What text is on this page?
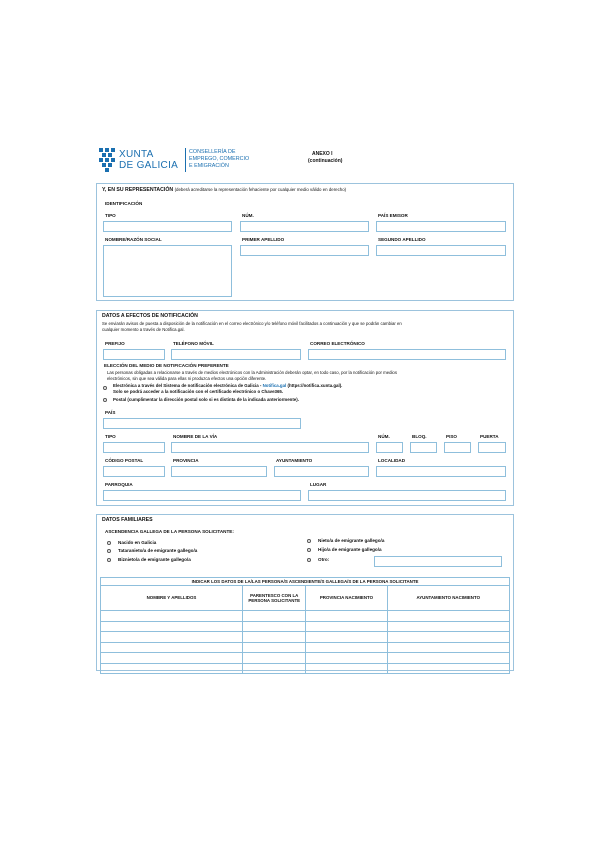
XUNTA
DE GALICIA
CONSELLERÍA DE
EMPREGO, COMERCIO
E EMIGRACIÓN
ANEXO I
(continuación)
Y, EN SU REPRESENTACIÓN (deberá acreditarse la representación fehaciente por cualquier medio válido en derecho)
IDENTIFICACIÓN
TIPO	NÚM.	PAÍS EMISOR
NOMBRE/RAZÓN SOCIAL	PRIMER APELLIDO	SEGUNDO APELLIDO
DATOS A EFECTOS DE NOTIFICACIÓN
Se enviarán avisos de puesta a disposición de la notificación en el correo electrónico y/o teléfono móvil facilitados a continuación y que se podrán cambiar en
cualquier momento a través de Notifica.gal.
PREFIJO	TELÉFONO MÓVIL	CORREO ELECTRÓNICO
ELECCIÓN DEL MEDIO DE NOTIFICACIÓN PREFERENTE
Las personas obligadas a relacionarse a través de medios electrónicos con la Administración deberán optar, en todo caso, por la notificación por medios
electrónicos, sin que sea válida para ellas ni produzca efectos una opción diferente.
Electrónica a través del Sistema de notificación electrónica de Galicia - Notifica.gal (https://notifica.xunta.gal).
Solo se podrá acceder a la notificación con el certificado electrónico o Chave365.
Postal (cumplimentar la dirección postal solo si es distinta de la indicada anteriormente).
PAÍS
TIPO	NOMBRE DE LA VÍA	NÚM.	BLOQ.	PISO	PUERTA
CÓDIGO POSTAL	PROVINCIA	AYUNTAMIENTO	LOCALIDAD
PARROQUIA	LUGAR
DATOS FAMILIARES
ASCENDENCIA GALLEGA DE LA PERSONA SOLICITANTE:
Nacido en Galicia
Tataranieto/a de emigrante gallego/a
Biznieto/a de emigrante gallego/a
Nieto/a de emigrante gallego/a
Hijo/a de emigrante gallego/a
Otro:
INDICAR LOS DATOS DE LA/LAS PERSONA/S ASCENDIENTE/S GALLEGA/S DE LA PERSONA SOLICITANTE			
NOMBRE Y APELLIDOS	PARENTESCO CON LA PERSONA SOLICITANTE	PROVINCIA NACIMIENTO	AYUNTAMIENTO NACIMIENTO
